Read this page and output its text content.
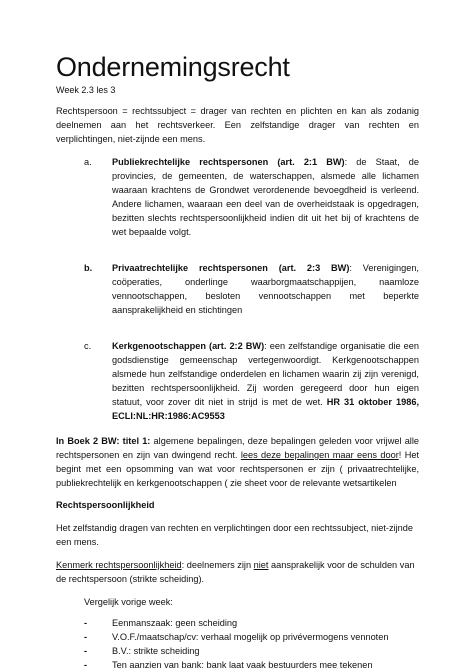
Ondernemingsrecht
Week 2.3 les 3

Rechtspersoon = rechtssubject = drager van rechten en plichten en kan als zodanig deelnemen aan het rechtsverkeer. Een zelfstandige drager van rechten en verplichtingen, niet-zijnde een mens.

a.	Publiekrechtelijke rechtspersonen (art. 2:1 BW): de Staat, de provincies, de gemeenten, de waterschappen, alsmede alle lichamen waaraan krachtens de Grondwet verordenende bevoegdheid is verleend. Andere lichamen, waaraan een deel van de overheidstaak is opgedragen, bezitten slechts rechtspersoonlijkheid indien dit uit het bij of krachtens de wet bepaalde volgt.
b.	Privaatrechtelijke rechtspersonen (art. 2:3 BW): Verenigingen, coöperaties, onderlinge waarborgmaatschappijen, naamloze vennootschappen, besloten vennootschappen met beperkte aansprakelijkheid en stichtingen
c.	Kerkgenootschappen (art. 2:2 BW): een zelfstandige organisatie die een godsdienstige gemeenschap vertegenwoordigt. Kerkgenootschappen alsmede hun zelfstandige onderdelen en lichamen waarin zij zijn verenigd, bezitten rechtspersoonlijkheid. Zij worden geregeerd door hun eigen statuut, voor zover dit niet in strijd is met de wet. HR 31 oktober 1986, ECLI:NL:HR:1986:AC9553

In Boek 2 BW: titel 1: algemene bepalingen, deze bepalingen geleden voor vrijwel alle rechtspersonen en zijn van dwingend recht. lees deze bepalingen maar eens door! Het begint met een opsomming van wat voor rechtspersonen er zijn ( privaatrechtelijke, publiekrechtelijk en kerkgenootschappen ( zie sheet voor de relevante wetsartikelen

Rechtspersoonlijkheid

Het zelfstandig dragen van rechten en verplichtingen door een rechtssubject, niet-zijnde een mens.

Kenmerk rechtspersoonlijkheid: deelnemers zijn niet aansprakelijk voor de schulden van de rechtspersoon (strikte scheiding).

Vergelijk vorige week:

-	Eenmanszaak: geen scheiding
-	V.O.F./maatschap/cv: verhaal mogelijk op privévermogens vennoten
-	B.V.: strikte scheiding
-	Ten aanzien van bank: bank laat vaak bestuurders mee tekenen
